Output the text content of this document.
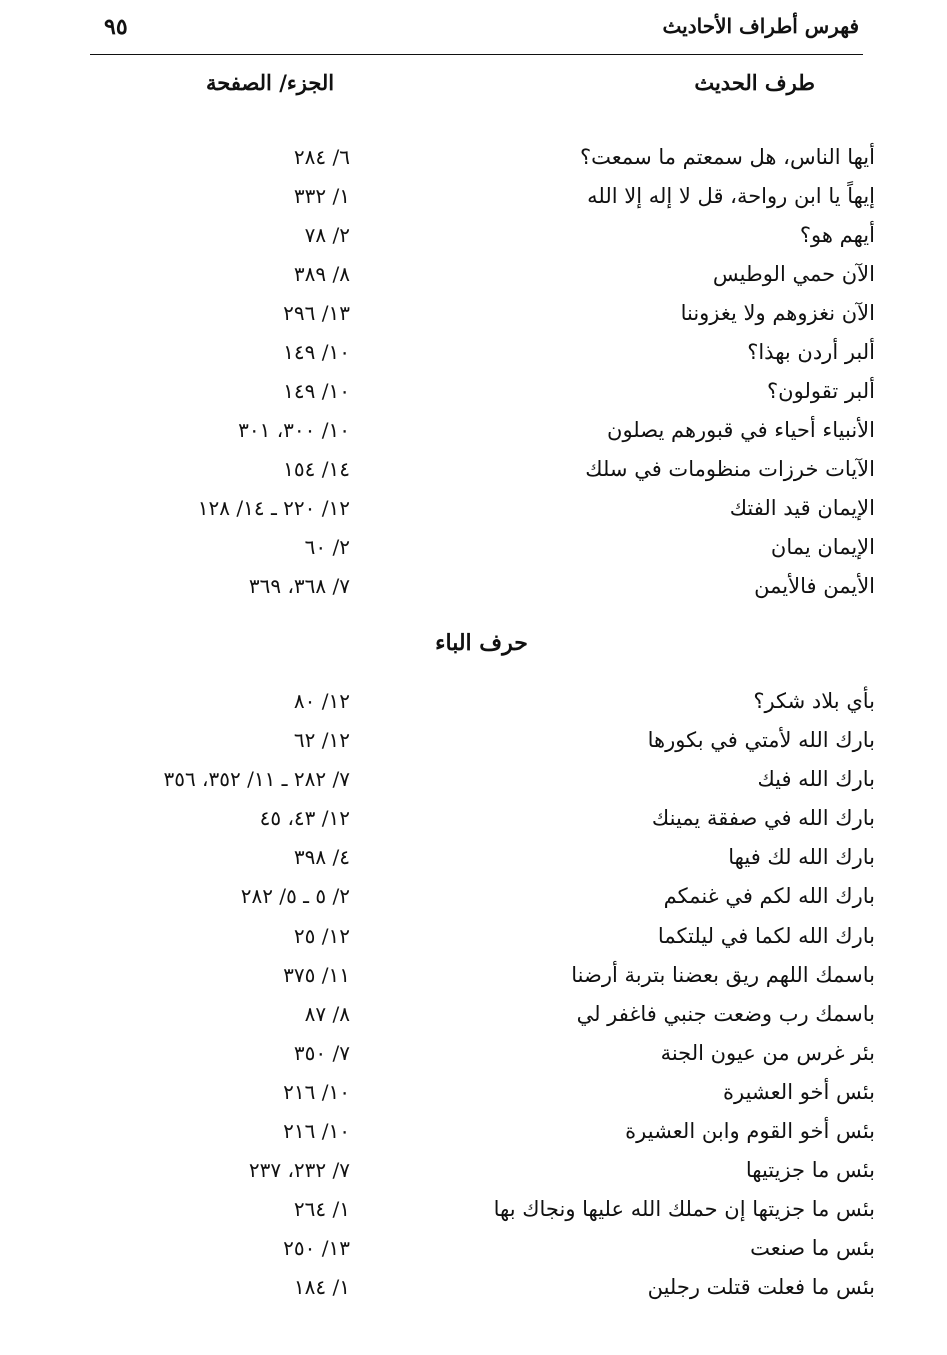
فهرس أطراف الأحاديث
٩٥
طرف الحديث
الجزء/ الصفحة
أيها الناس، هل سمعتم ما سمعت؟
٦/ ٢٨٤
إيهاً يا ابن رواحة، قل لا إله إلا الله
١/ ٣٣٢
أيهم هو؟
٢/ ٧٨
الآن حمي الوطيس
٨/ ٣٨٩
الآن نغزوهم ولا يغزوننا
١٣/ ٢٩٦
ألبر أردن بهذا؟
١٠/ ١٤٩
ألبر تقولون؟
١٠/ ١٤٩
الأنبياء أحياء في قبورهم يصلون
١٠/ ٣٠٠، ٣٠١
الآيات خرزات منظومات في سلك
١٤/ ١٥٤
الإيمان قيد الفتك
١٢/ ٢٢٠ ـ ١٤/ ١٢٨
الإيمان يمان
٢/ ٦٠
الأيمن فالأيمن
٧/ ٣٦٨، ٣٦٩
حرف الباء
بأي بلاد شكر؟
١٢/ ٨٠
بارك الله لأمتي في بكورها
١٢/ ٦٢
بارك الله فيك
٧/ ٢٨٢ ـ ١١/ ٣٥٢، ٣٥٦
بارك الله في صفقة يمينك
١٢/ ٤٣، ٤٥
بارك الله لك فيها
٤/ ٣٩٨
بارك الله لكم في غنمكم
٢/ ٥ ـ ٥/ ٢٨٢
بارك الله لكما في ليلتكما
١٢/ ٢٥
باسمك اللهم ريق بعضنا بتربة أرضنا
١١/ ٣٧٥
باسمك رب وضعت جنبي فاغفر لي
٨/ ٨٧
بئر غرس من عيون الجنة
٧/ ٣٥٠
بئس أخو العشيرة
١٠/ ٢١٦
بئس أخو القوم وابن العشيرة
١٠/ ٢١٦
بئس ما جزيتيها
٧/ ٢٣٢، ٢٣٧
بئس ما جزيتها إن حملك الله عليها ونجاك بها
١/ ٢٦٤
بئس ما صنعت
١٣/ ٢٥٠
بئس ما فعلت قتلت رجلين
١/ ١٨٤
